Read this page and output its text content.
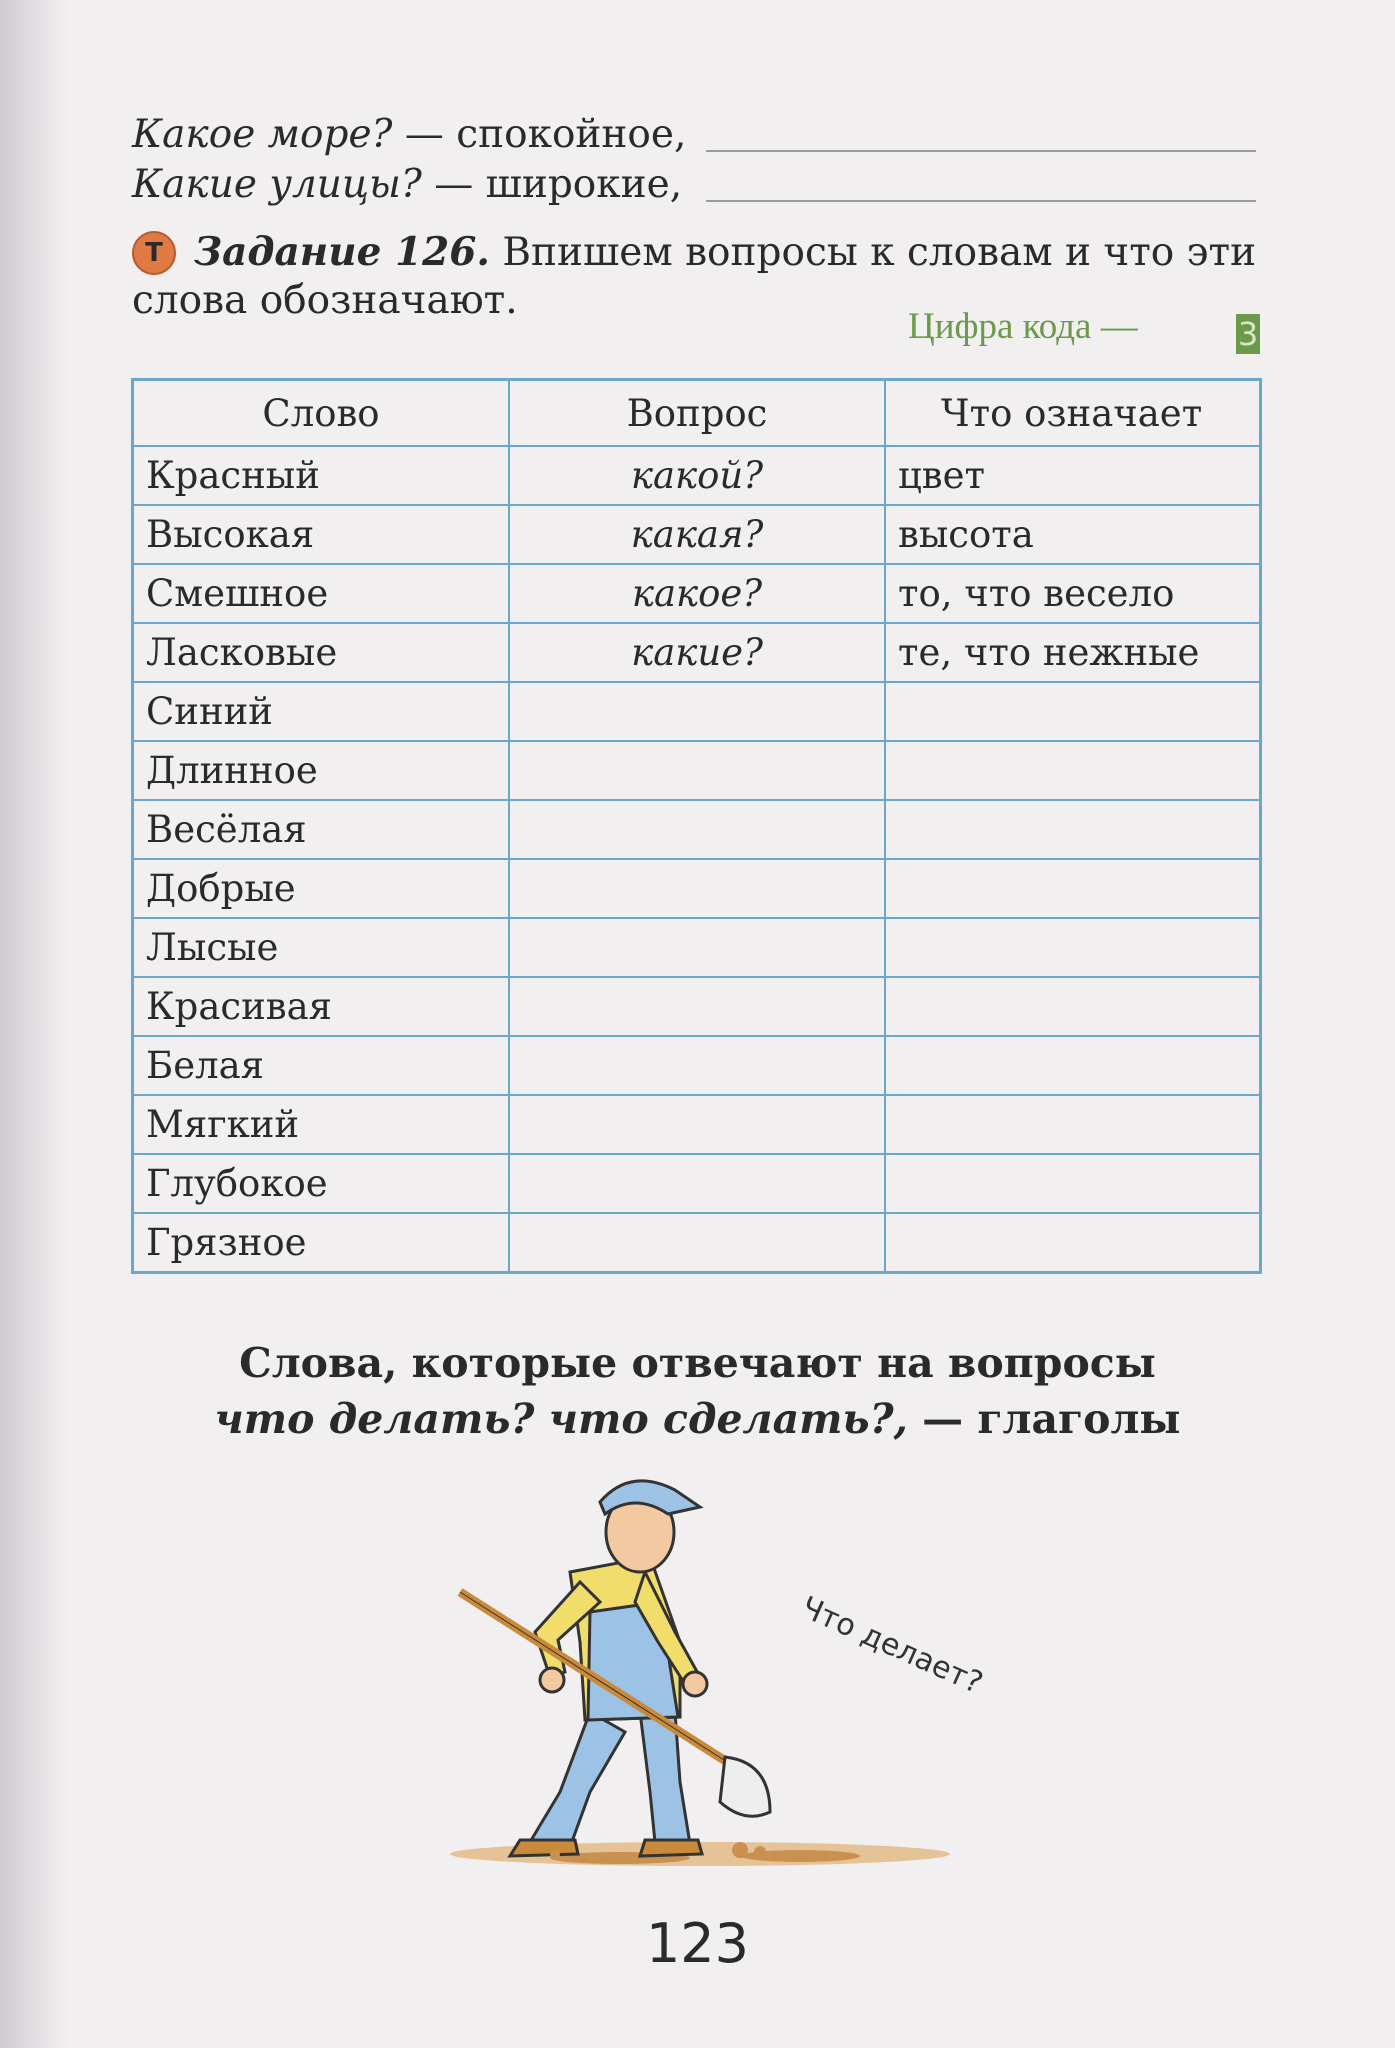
Какое море? — спокойное,
Какие улицы? — широкие,
Т Задание 126. Впишем вопросы к словам и что эти слова обозначают.
Цифра кода —	3
Слово	Вопрос	Что означает
Красный	какой?	цвет
Высокая	какая?	высота
Смешное	какое?	то, что весело
Ласковые	какие?	те, что нежные
Синий		
Длинное		
Весёлая		
Добрые		
Лысые		
Красивая		
Белая		
Мягкий		
Глубокое		
Грязное		
Слова, которые отвечают на вопросы
что делать? что сделать?, — глаголы
Что делает?
123
